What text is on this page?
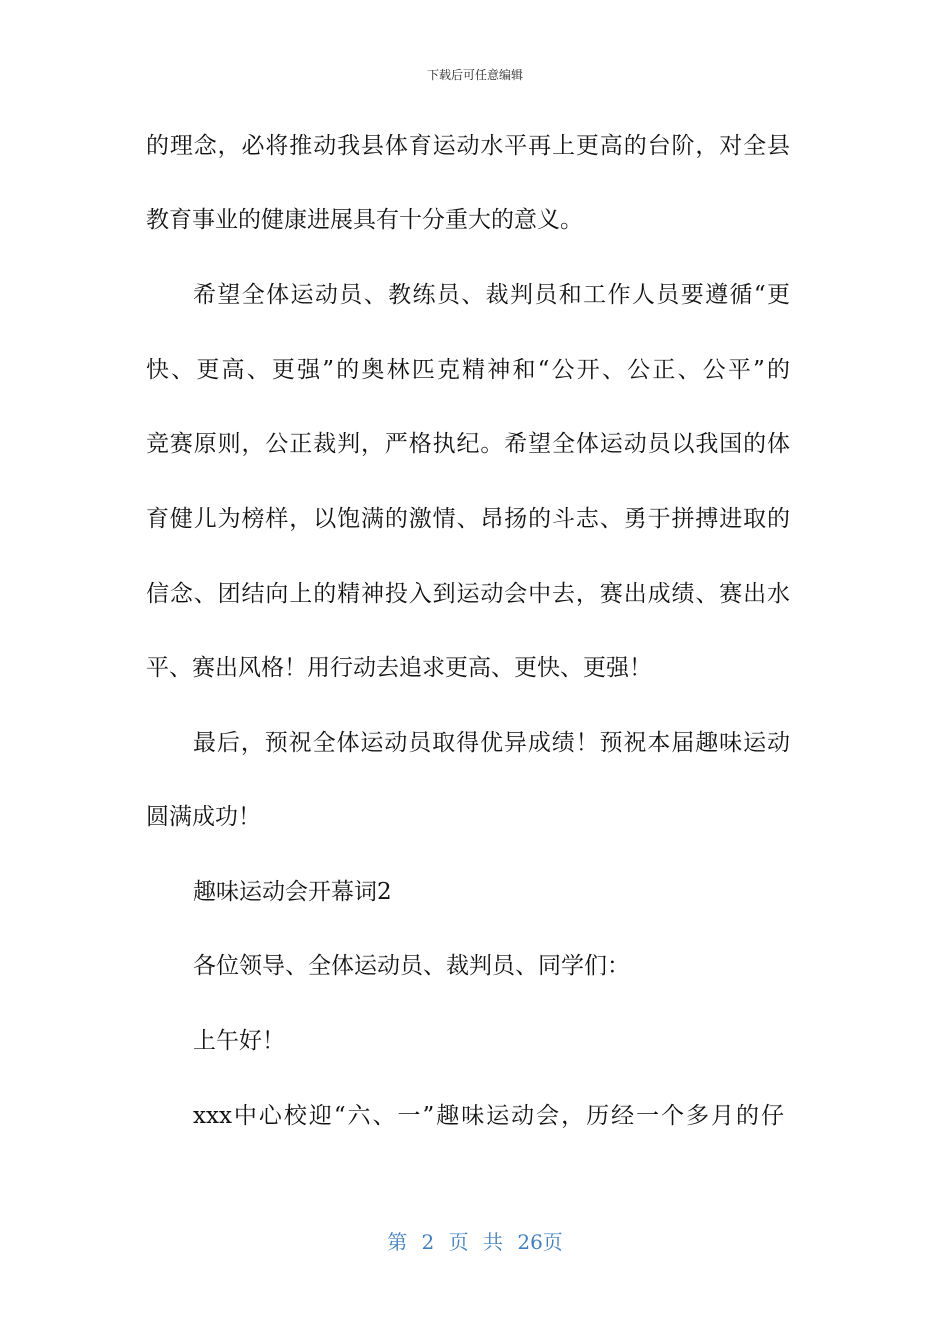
下载后可任意编辑
的理念，必将推动我县体育运动水平再上更高的台阶，对全县
教育事业的健康进展具有十分重大的意义。
希望全体运动员、教练员、裁判员和工作人员要遵循“更
快、更高、更强”的奥林匹克精神和“公开、公正、公平”的
竞赛原则，公正裁判，严格执纪。希望全体运动员以我国的体
育健儿为榜样，以饱满的激情、昂扬的斗志、勇于拼搏进取的
信念、团结向上的精神投入到运动会中去，赛出成绩、赛出水
平、赛出风格！用行动去追求更高、更快、更强！
最后，预祝全体运动员取得优异成绩！预祝本届趣味运动
圆满成功！
趣味运动会开幕词2
各位领导、全体运动员、裁判员、同学们：
上午好！
xxx中心校迎“六、一”趣味运动会，历经一个多月的仔
第 2 页 共 26页
